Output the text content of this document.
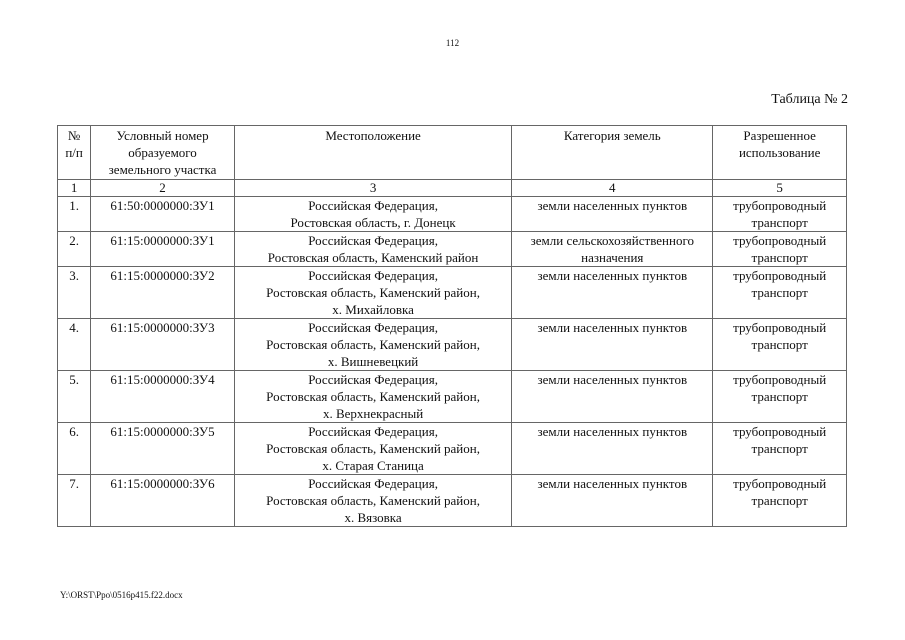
112
Таблица № 2
№
п/п	Условный номер
образуемого
земельного участка	Местоположение	Категория земель	Разрешенное
использование

1	2	3	4	5

1.	61:50:0000000:ЗУ1	Российская Федерация,
Ростовская область, г. Донецк	земли населенных пунктов	трубопроводный
транспорт

2.	61:15:0000000:ЗУ1	Российская Федерация,
Ростовская область, Каменский район	земли сельскохозяйственного
назначения	трубопроводный
транспорт

3.	61:15:0000000:ЗУ2	Российская Федерация,
Ростовская область, Каменский район,
х. Михайловка	земли населенных пунктов	трубопроводный
транспорт

4.	61:15:0000000:ЗУ3	Российская Федерация,
Ростовская область, Каменский район,
х. Вишневецкий	земли населенных пунктов	трубопроводный
транспорт

5.	61:15:0000000:ЗУ4	Российская Федерация,
Ростовская область, Каменский район,
х. Верхнекрасный	земли населенных пунктов	трубопроводный
транспорт

6.	61:15:0000000:ЗУ5	Российская Федерация,
Ростовская область, Каменский район,
х. Старая Станица	земли населенных пунктов	трубопроводный
транспорт

7.	61:15:0000000:ЗУ6	Российская Федерация,
Ростовская область, Каменский район,
х. Вязовка	земли населенных пунктов	трубопроводный
транспорт
Y:\ORST\Ppo\0516p415.f22.docx
